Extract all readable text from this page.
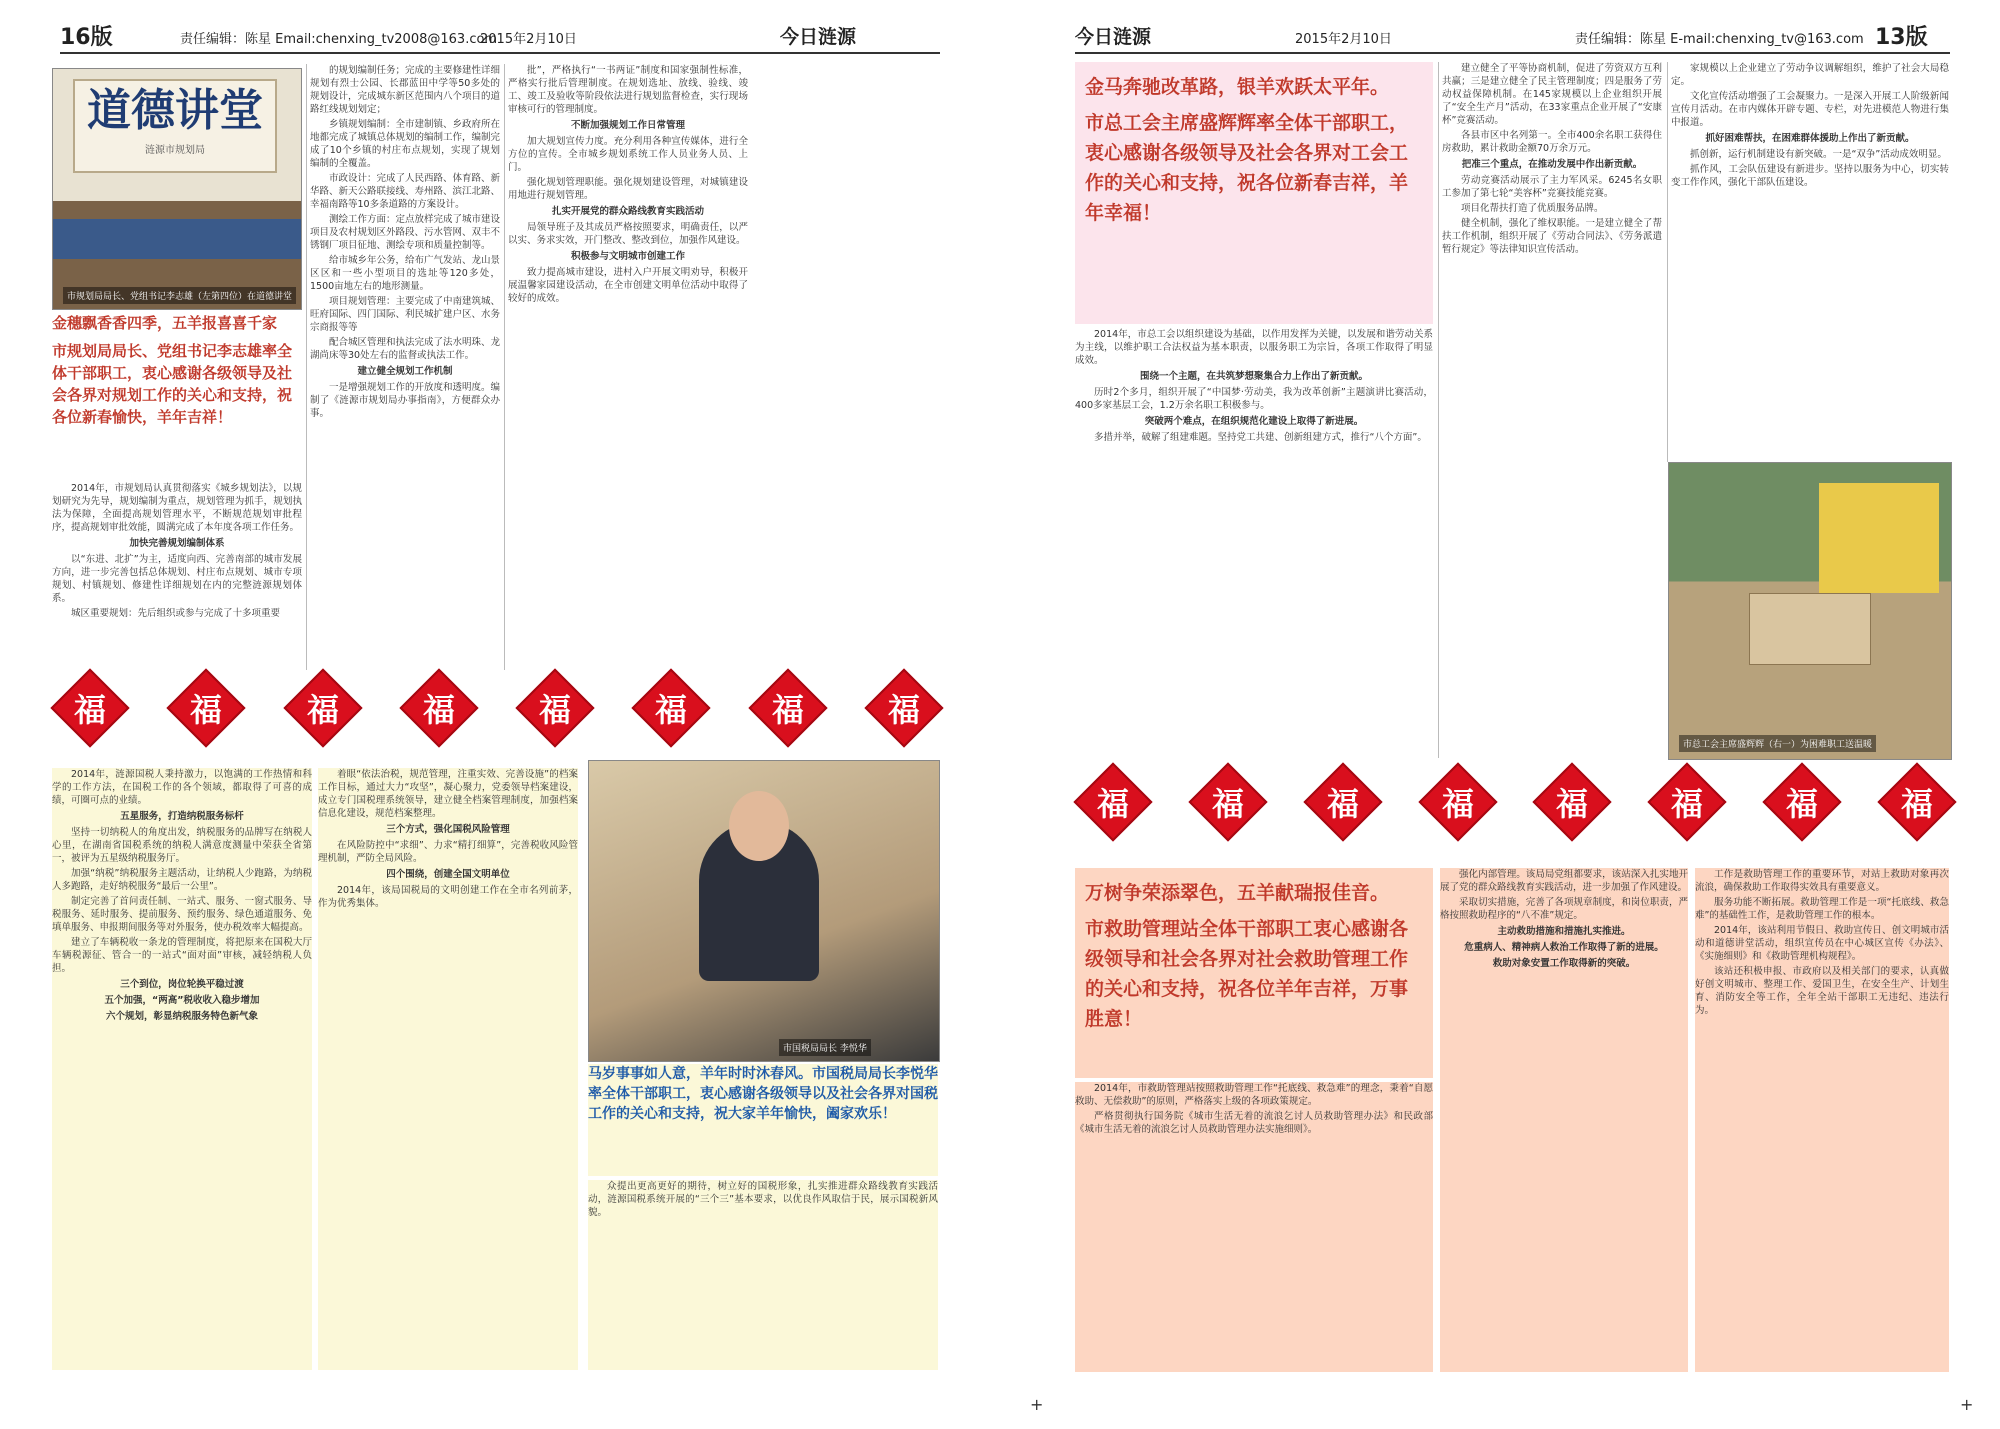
16版	责任编辑：陈星 Email:chenxing_tv2008@163.com
2015年2月10日	今日涟源
道德讲堂
涟源市规划局
市规划局局长、党组书记李志雄（左第四位）在道德讲堂
金穗飘香香四季，五羊报喜喜千家
市规划局局长、党组书记李志雄率全体干部职工，衷心感谢各级领导及社会各界对规划工作的关心和支持，祝各位新春愉快，羊年吉祥！

2014年，市规划局认真贯彻落实《城乡规划法》，以规划研究为先导，规划编制为重点，规划管理为抓手，规划执法为保障，全面提高规划管理水平，不断规范规划审批程序，提高规划审批效能，圆满完成了本年度各项工作任务。

加快完善规划编制体系

以“东进、北扩”为主，适度向西、完善南部的城市发展方向，进一步完善包括总体规划、村庄布点规划、城市专项规划、村镇规划、修建性详细规划在内的完整涟源规划体系。

城区重要规划：先后组织或参与完成了十多项重要

的规划编制任务；完成的主要修建性详细规划有烈士公园、长郡蓝田中学等50多处的规划设计，完成城东新区范围内八个项目的道路红线规划划定；

乡镇规划编制：全市建制镇、乡政府所在地都完成了城镇总体规划的编制工作，编制完成了10个乡镇的村庄布点规划，实现了规划编制的全覆盖。

市政设计：完成了人民西路、体育路、新华路、新天公路联接线、寿州路、滨江北路、幸福南路等10多条道路的方案设计。

测绘工作方面：定点放样完成了城市建设项目及农村规划区外路段、污水管网、双丰不锈钢厂项目征地、测绘专项和质量控制等。

给市城乡年公务，给布广气发站、龙山景区区和一些小型项目的选址等120多处，1500亩地左右的地形测量。

项目规划管理：主要完成了中南建筑城、旺府国际、四门国际、利民城扩建户区、水务宗商报等等

配合城区管理和执法完成了法水明珠、龙湖尚床等30处左右的监督或执法工作。

建立健全规划工作机制

一是增强规划工作的开放度和透明度。编制了《涟源市规划局办事指南》，方便群众办事。

批”，严格执行“一书两证”制度和国家强制性标准，严格实行批后管理制度。在规划选址、放线、验线、竣工、竣工及验收等阶段依法进行规划监督检查，实行现场审核可行的管理制度。

不断加强规划工作日常管理

加大规划宣传力度。充分利用各种宣传媒体，进行全方位的宣传。全市城乡规划系统工作人员业务人员、上门。

强化规划管理职能。强化规划建设管理，对城镇建设用地进行规划管理。

扎实开展党的群众路线教育实践活动

局领导班子及其成员严格按照要求，明确责任，以严以实、务求实效，开门整改、整改到位，加强作风建设。

积极参与文明城市创建工作

致力提高城市建设，进村入户开展文明劝导，积极开展温馨家园建设活动，在全市创建文明单位活动中取得了较好的成效。

福	福	福	福	福	福	福	福

2014年，涟源国税人秉持激力，以饱满的工作热情和科学的工作方法，在国税工作的各个领域，都取得了可喜的成绩，可圈可点的业绩。

五星服务，打造纳税服务标杆

坚持一切纳税人的角度出发，纳税服务的品牌写在纳税人心里，在湖南省国税系统的纳税人满意度测量中荣获全省第一，被评为五星级纳税服务厅。

加强“纳税”纳税服务主题活动，让纳税人少跑路，为纳税人多跑路，走好纳税服务“最后一公里”。

制定完善了首问责任制、一站式、服务、一窗式服务、导税服务、延时服务、提前服务、预约服务、绿色通道服务、免填单服务、申报期间服务等对外服务，使办税效率大幅提高。

建立了车辆税收一条龙的管理制度，将把原来在国税大厅车辆税源征、管合一的一站式“面对面”审核，减轻纳税人负担。

三个到位，岗位轮换平稳过渡

五个加强，“两高”税收收入稳步增加

六个规划，彰显纳税服务特色新气象

着眼“依法治税，规范管理，注重实效、完善设施”的档案工作目标，通过大力“攻坚”，凝心聚力，党委领导档案建设，成立专门国税理系统领导，建立健全档案管理制度，加强档案信息化建设，规范档案整理。

三个方式，强化国税风险管理

在风险防控中“求细”、力求“精打细算”，完善税收风险管理机制，严防全局风险。

四个围绕，创建全国文明单位

2014年，该局国税局的文明创建工作在全市名列前茅，作为优秀集体。

市国税局局长 李悦华
马岁事事如人意，羊年时时沐春风。市国税局局长李悦华率全体干部职工，衷心感谢各级领导以及社会各界对国税工作的关心和支持，祝大家羊年愉快，阖家欢乐！

众提出更高更好的期待，树立好的国税形象，扎实推进群众路线教育实践活动，涟源国税系统开展的“三个三”基本要求，以优良作风取信于民，展示国税新风貌。

今日涟源	2015年2月10日	责任编辑：陈星 E-mail:chenxing_tv@163.com 13版
金马奔驰改革路，银羊欢跃太平年。
市总工会主席盛辉辉率全体干部职工，衷心感谢各级领导及社会各界对工会工作的关心和支持，祝各位新春吉祥，羊年幸福！

2014年，市总工会以组织建设为基础，以作用发挥为关键，以发展和谐劳动关系为主线，以维护职工合法权益为基本职责，以服务职工为宗旨，各项工作取得了明显成效。

围绕一个主题，在共筑梦想聚集合力上作出了新贡献。

历时2个多月，组织开展了“中国梦·劳动美，我为改革创新”主题演讲比赛活动，400多家基层工会，1.2万余名职工积极参与。

突破两个难点，在组织规范化建设上取得了新进展。

多措并举，破解了组建难题。坚持党工共建、创新组建方式，推行“八个方面”。

建立健全了平等协商机制，促进了劳资双方互利共赢；三是建立健全了民主管理制度；四是服务了劳动权益保障机制。在145家规模以上企业组织开展了“安全生产月”活动，在33家重点企业开展了“安康杯”竞赛活动。

各县市区中名列第一。全市400余名职工获得住房救助，累计救助金额70万余万元。

把准三个重点，在推动发展中作出新贡献。

劳动竞赛活动展示了主力军风采。6245名女职工参加了第七轮“美容杯”竞赛技能竞赛。

项目化帮扶打造了优质服务品牌。

健全机制，强化了维权职能。一是建立健全了帮扶工作机制，组织开展了《劳动合同法》、《劳务派遣暂行规定》等法律知识宣传活动。

家规模以上企业建立了劳动争议调解组织，维护了社会大局稳定。

文化宣传活动增强了工会凝聚力。一是深入开展工人阶级新闻宣传月活动。在市内媒体开辟专题、专栏，对先进模范人物进行集中报道。

抓好困难帮扶，在困难群体援助上作出了新贡献。

抓创新，运行机制建设有新突破。一是“双争”活动成效明显。

抓作风，工会队伍建设有新进步。坚持以服务为中心，切实转变工作作风，强化干部队伍建设。

市总工会主席盛辉辉（右一）为困难职工送温暖
福	福	福	福	福	福	福	福
万树争荣添翠色，五羊献瑞报佳音。
市救助管理站全体干部职工衷心感谢各级领导和社会各界对社会救助管理工作的关心和支持，祝各位羊年吉祥，万事胜意！

2014年，市救助管理站按照救助管理工作“托底线、救急难”的理念，秉着“自愿救助、无偿救助”的原则，严格落实上级的各项政策规定。

严格贯彻执行国务院《城市生活无着的流浪乞讨人员救助管理办法》和民政部《城市生活无着的流浪乞讨人员救助管理办法实施细则》。

强化内部管理。该局局党组都要求，该站深入扎实地开展了党的群众路线教育实践活动，进一步加强了作风建设。

采取切实措施，完善了各项规章制度，和岗位职责，严格按照救助程序的“八不准”规定。

主动救助措施和措施扎实推进。

危重病人、精神病人救治工作取得了新的进展。

救助对象安置工作取得新的突破。

工作是救助管理工作的重要环节，对站上救助对象再次流浪，确保救助工作取得实效具有重要意义。

服务功能不断拓展。救助管理工作是一项“托底线、救急难”的基础性工作，是救助管理工作的根本。

2014年，该站利用节假日、救助宣传日、创文明城市活动和道德讲堂活动，组织宣传员在中心城区宣传《办法》、《实施细则》和《救助管理机构规程》。

该站还积极申报、市政府以及相关部门的要求，认真做好创文明城市、整理工作、爱国卫生，在安全生产、计划生育、消防安全等工作，全年全站干部职工无违纪、违法行为。

+	+
